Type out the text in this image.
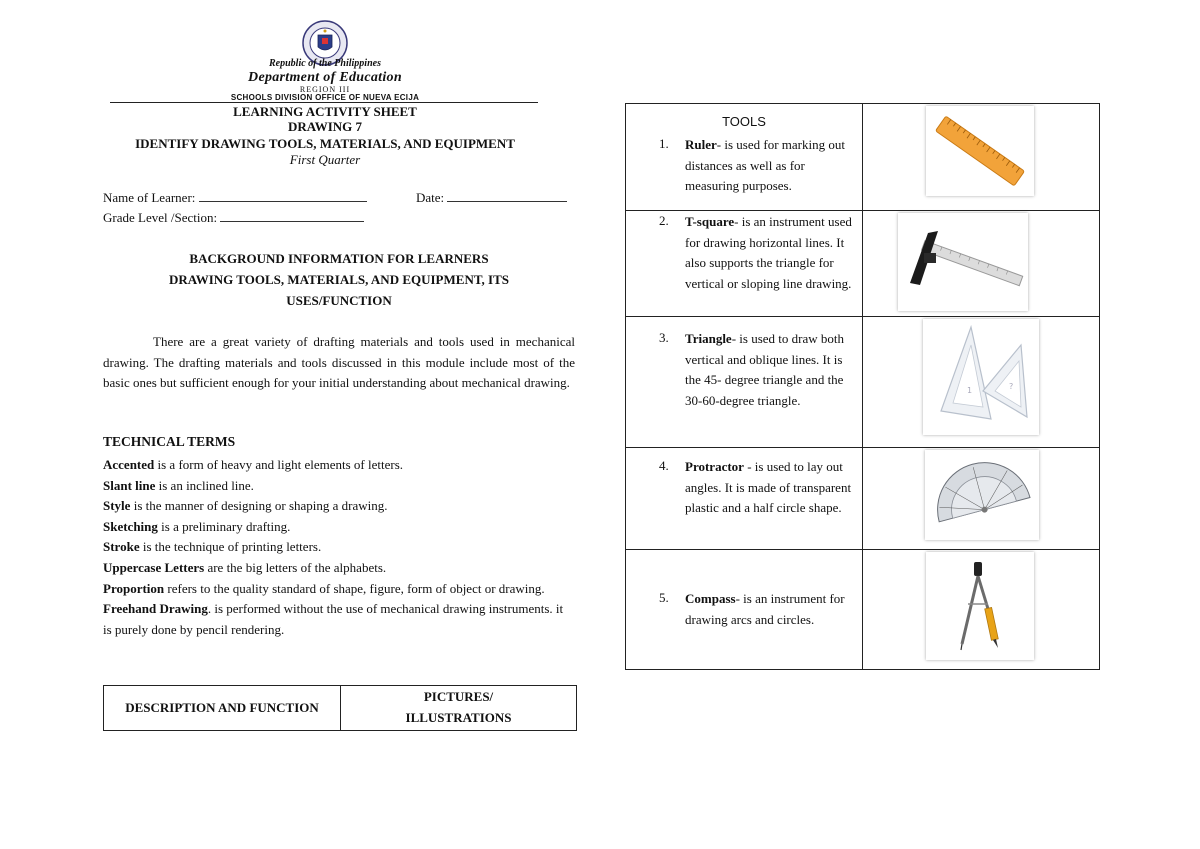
Republic of the Philippines
Department of Education
REGION III
SCHOOLS DIVISION OFFICE OF NUEVA ECIJA
LEARNING ACTIVITY SHEET
DRAWING 7
IDENTIFY DRAWING TOOLS, MATERIALS, AND EQUIPMENT
First Quarter
Name of Learner:	Date:
Grade Level /Section:
BACKGROUND INFORMATION FOR LEARNERS
DRAWING TOOLS, MATERIALS, AND EQUIPMENT, ITS
USES/FUNCTION
There are a great variety of drafting materials and tools used in mechanical drawing. The drafting materials and tools discussed in this module include most of the basic ones but sufficient enough for your initial understanding about mechanical drawing.
TECHNICAL TERMS
Accented is a form of heavy and light elements of letters.
Slant line is an inclined line.
Style is the manner of designing or shaping a drawing.
Sketching is a preliminary drafting.
Stroke is the technique of printing letters.
Uppercase Letters are the big letters of the alphabets.
Proportion refers to the quality standard of shape, figure, form of object or drawing.
Freehand Drawing. is performed without the use of mechanical drawing instruments. it is purely done by pencil rendering.
DESCRIPTION AND FUNCTION
PICTURES/
ILLUSTRATIONS
TOOLS
1. Ruler- is used for marking out distances as well as for measuring purposes.
2. T-square- is an instrument used for drawing horizontal lines. It also supports the triangle for vertical or sloping line drawing.
3. Triangle- is used to draw both vertical and oblique lines. It is the 45- degree triangle and the 30-60-degree triangle.
1	?
4. Protractor - is used to lay out angles. It is made of transparent plastic and a half circle shape.
5. Compass- is an instrument for drawing arcs and circles.
